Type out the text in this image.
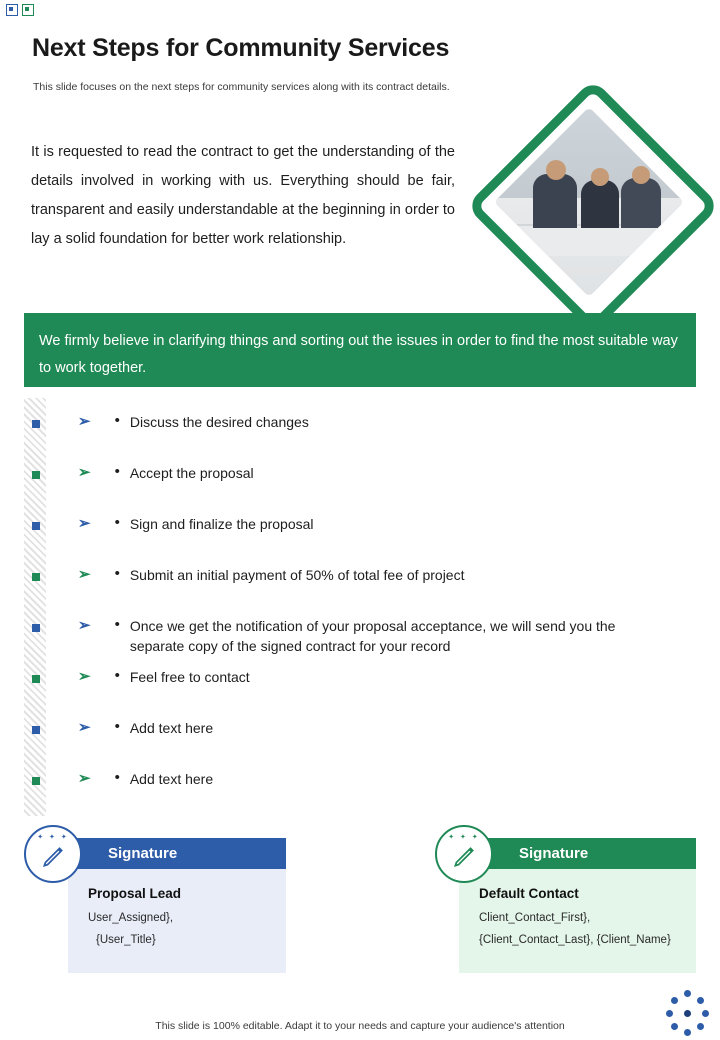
Next Steps for Community Services
This slide focuses on the next steps for community services along with its contract details.
It is requested to read the contract to get the understanding of the details involved in working with us. Everything should be fair, transparent and easily understandable at the beginning in order to lay a solid foundation for better work relationship.
We firmly believe in clarifying things and sorting out the issues in order to find the most suitable way to work together.
➢ • Discuss the desired changes
➢ • Accept the proposal
➢ • Sign and finalize the proposal
➢ • Submit an initial payment of 50% of total fee of project
➢ • Once we get the notification of your proposal acceptance, we will send you the separate copy of the signed contract for your record
➢ • Feel free to contact
➢ • Add text here
➢ • Add text here
Signature
Proposal Lead
User_Assigned},
{User_Title}
✦ ✦ ✦
Signature
Default Contact
Client_Contact_First},
{Client_Contact_Last}, {Client_Name}
✦ ✦ ✦
This slide is 100% editable. Adapt it to your needs and capture your audience's attention
